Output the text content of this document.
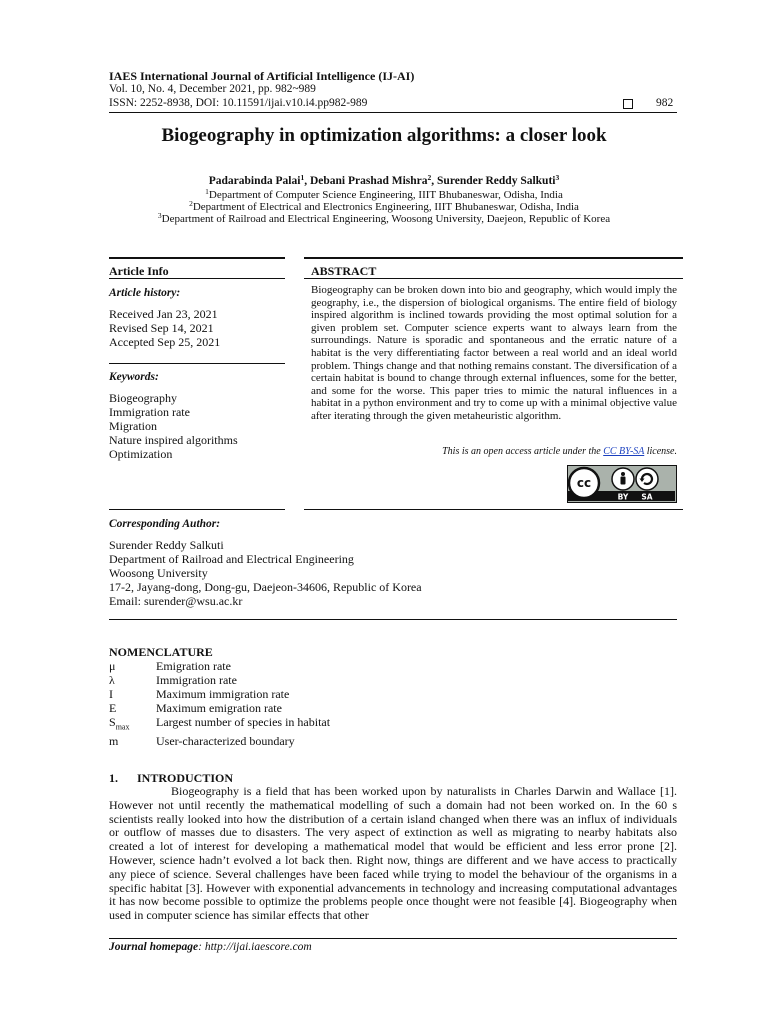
IAES International Journal of Artificial Intelligence (IJ-AI)
Vol. 10, No. 4, December 2021, pp. 982~989
ISSN: 2252-8938, DOI: 10.11591/ijai.v10.i4.pp982-989	982
Biogeography in optimization algorithms: a closer look
Padarabinda Palai$^1$, Debani Prashad Mishra$^2$, Surender Reddy Salkuti$^3$
$^1$Department of Computer Science Engineering, IIIT Bhubaneswar, Odisha, India
$^2$Department of Electrical and Electronics Engineering, IIIT Bhubaneswar, Odisha, India
$^3$Department of Railroad and Electrical Engineering, Woosong University, Daejeon, Republic of Korea
Article Info
Article history:
Received Jan 23, 2021
Revised Sep 14, 2021
Accepted Sep 25, 2021
Keywords:
Biogeography
Immigration rate
Migration
Nature inspired algorithms
Optimization
ABSTRACT
Biogeography can be broken down into bio and geography, which would imply the geography, i.e., the dispersion of biological organisms. The entire field of biology inspired algorithm is inclined towards providing the most optimal solution for a given problem set. Computer science experts want to always learn from the surroundings. Nature is sporadic and spontaneous and the erratic nature of a habitat is the very differentiating factor between a real world and an ideal world problem. Things change and that nothing remains constant. The diversification of a certain habitat is bound to change through external influences, some for the better, and some for the worse. This paper tries to mimic the natural influences in a habitat in a python environment and try to come up with a minimal objective value after iterating through the given metaheuristic algorithm.
This is an open access article under the CC BY-SA license.
cc
BY SA
Corresponding Author:
Surender Reddy Salkuti
Department of Railroad and Electrical Engineering
Woosong University
17-2, Jayang-dong, Dong-gu, Daejeon-34606, Republic of Korea
Email: surender@wsu.ac.kr
NOMENCLATURE
μ	Emigration rate
λ	Immigration rate
I	Maximum immigration rate
E	Maximum emigration rate
$S_{max}$	Largest number of species in habitat
m	User-characterized boundary
1. INTRODUCTION
Biogeography is a field that has been worked upon by naturalists in Charles Darwin and Wallace [1]. However not until recently the mathematical modelling of such a domain had not been worked on. In the 60 s scientists really looked into how the distribution of a certain island changed when there was an influx of individuals or outflow of masses due to disasters. The very aspect of extinction as well as migrating to nearby habitats also created a lot of interest for developing a mathematical model that would be efficient and less error prone [2]. However, science hadn’t evolved a lot back then. Right now, things are different and we have access to practically any piece of science. Several challenges have been faced while trying to model the behaviour of the organisms in a specific habitat [3]. However with exponential advancements in technology and increasing computational advantages it has now become possible to optimize the problems people once thought were not feasible [4]. Biogeography when used in computer science has similar effects that other
Journal homepage: http://ijai.iaescore.com
